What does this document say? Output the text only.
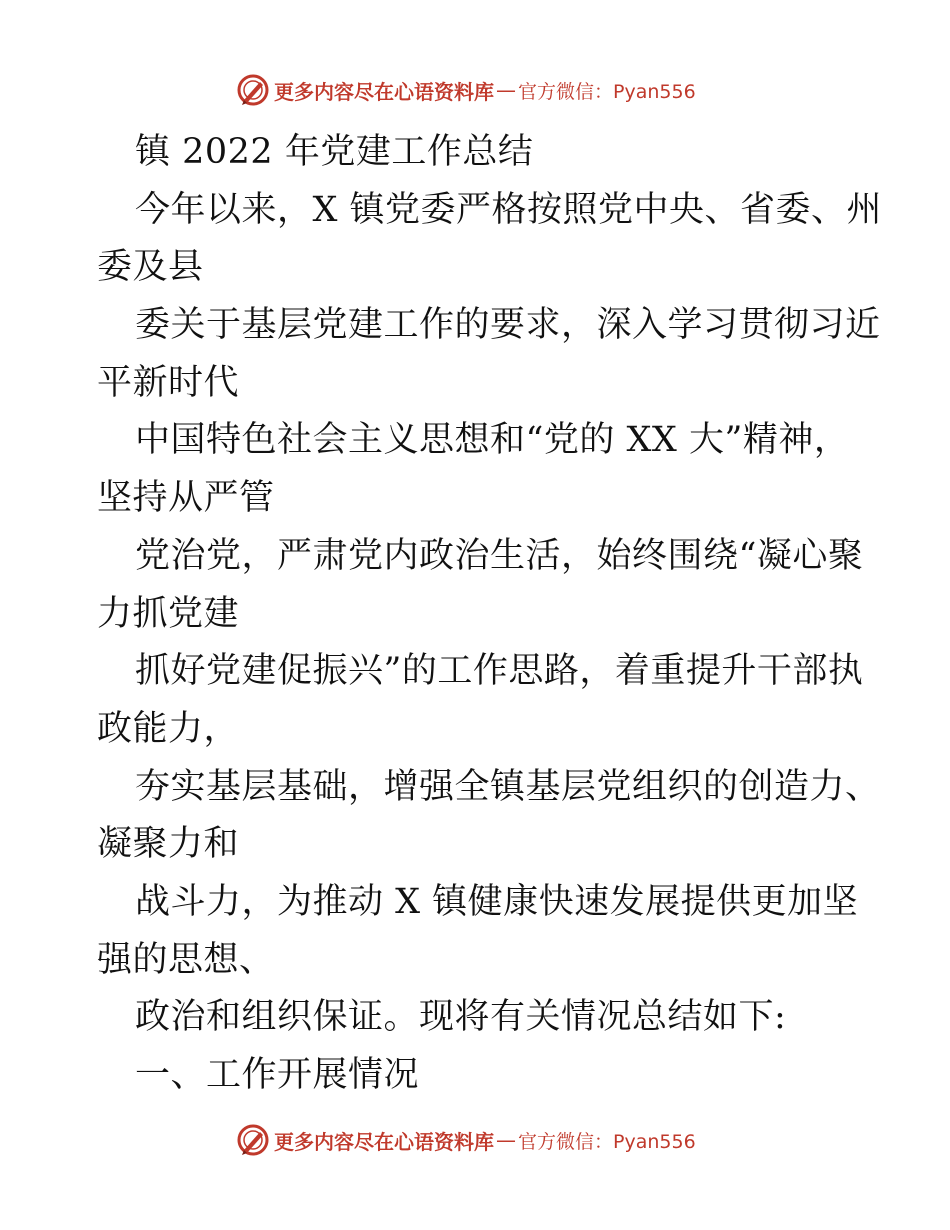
更多内容尽在心语资料库 — 官方微信：Pyan556
镇 2022 年党建工作总结
今年以来，X 镇党委严格按照党中央、省委、州
委及县
委关于基层党建工作的要求，深入学习贯彻习近
平新时代
中国特色社会主义思想和“党的 XX 大”精神，
坚持从严管
党治党，严肃党内政治生活，始终围绕“凝心聚
力抓党建
抓好党建促振兴”的工作思路，着重提升干部执
政能力，
夯实基层基础，增强全镇基层党组织的创造力、
凝聚力和
战斗力，为推动 X 镇健康快速发展提供更加坚
强的思想、
政治和组织保证。现将有关情况总结如下:
一、工作开展情况
更多内容尽在心语资料库 — 官方微信：Pyan556
